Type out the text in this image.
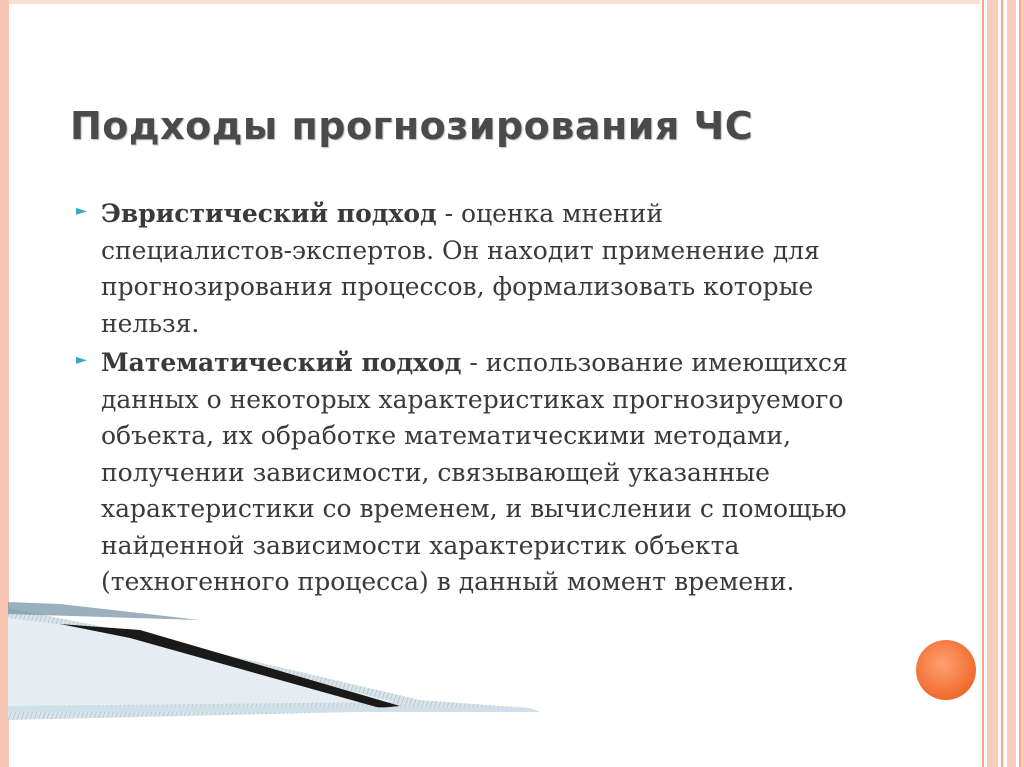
Подходы прогнозирования ЧС
► Эвристический подход - оценка мнений специалистов-экспертов. Он находит применение для прогнозирования процессов, формализовать которые нельзя.
► Математический подход - использование имеющихся данных о некоторых характеристиках прогнозируемого объекта, их обработке математическими методами, получении зависимости, связывающей указанные характеристики со временем, и вычислении с помощью найденной зависимости характеристик объекта (техногенного процесса) в данный момент времени.
